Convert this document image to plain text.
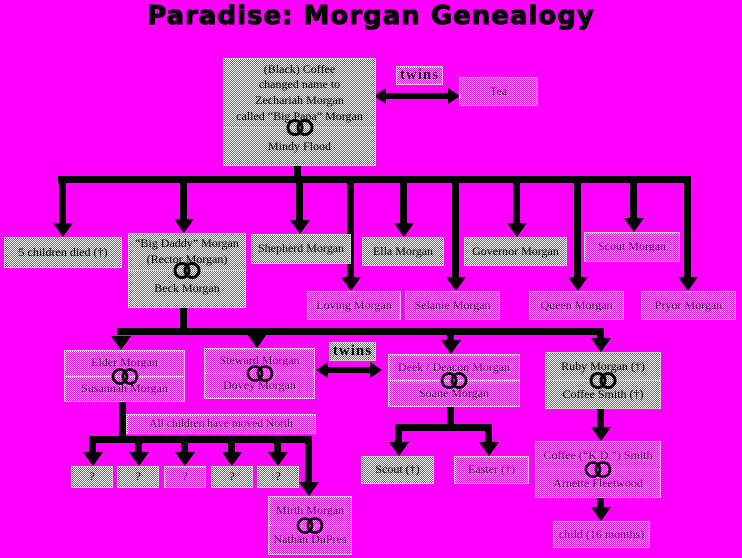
Paradise: Morgan Genealogy
(Black) Coffee
changed name to
Zechariah Morgan
called “Big Papa” Morgan
Mindy Flood
twins
Tea
5 children died (†)
“Big Daddy” Morgan
(Rector Morgan)
Beck Morgan
Shepherd Morgan	Ella Morgan	Governor Morgan	Scout Morgan
Loving Morgan	Selanie Morgan	Queen Morgan	Pryor Morgan
Elder Morgan
Susannah Morgan
Steward Morgan
Dovey Morgan
twins
Deek / Deacon Morgan
Soane Morgan
Ruby Morgan (†)
Coffee Smith (†)
All children have moved North
?	?	?	?	?	Scout (†)	Easter (†)
Coffee (“K.D.”) Smith
Arnette Fleetwood
Mirth Morgan
Nathan DuPres	child (16 months)
